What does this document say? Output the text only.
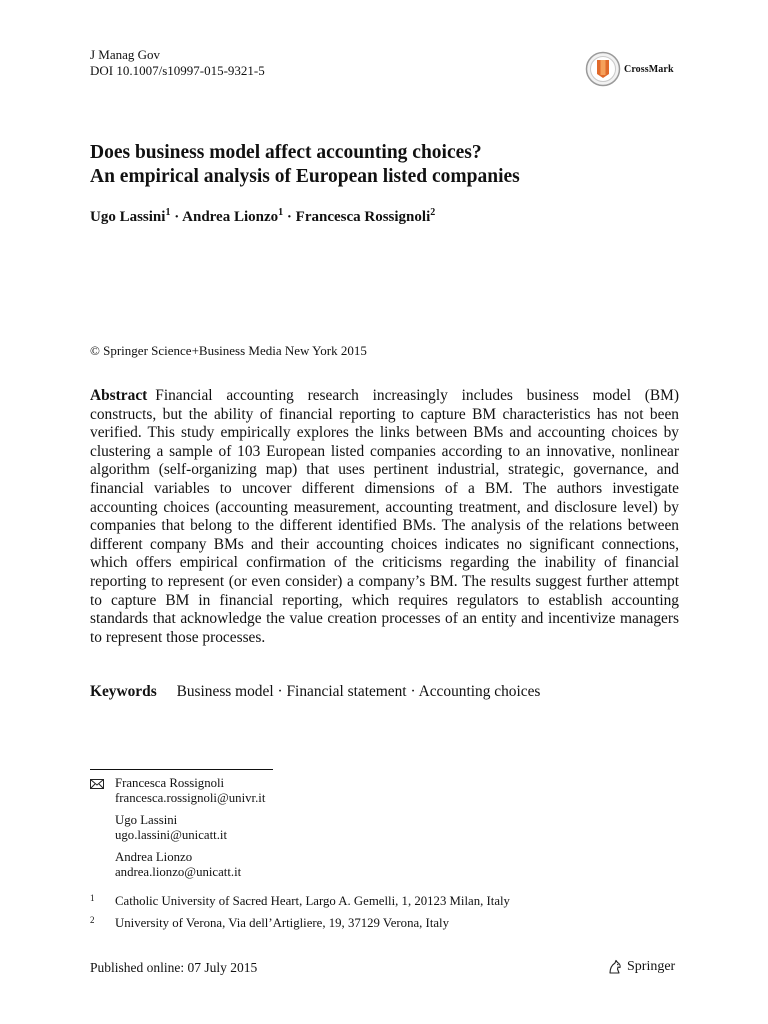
J Manag Gov
DOI 10.1007/s10997-015-9321-5	CrossMark
Does business model affect accounting choices?
An empirical analysis of European listed companies
Ugo Lassini$^1$ · Andrea Lionzo$^1$ · Francesca Rossignoli$^2$
© Springer Science+Business Media New York 2015
Abstract Financial accounting research increasingly includes business model (BM) constructs, but the ability of financial reporting to capture BM characteristics has not been verified. This study empirically explores the links between BMs and accounting choices by clustering a sample of 103 European listed companies according to an innovative, nonlinear algorithm (self-organizing map) that uses pertinent industrial, strategic, governance, and financial variables to uncover different dimensions of a BM. The authors investigate accounting choices (accounting measurement, accounting treatment, and disclosure level) by companies that belong to the different identified BMs. The analysis of the relations between different company BMs and their accounting choices indicates no significant connections, which offers empirical confirmation of the criticisms regarding the inability of financial reporting to represent (or even consider) a company’s BM. The results suggest further attempt to capture BM in financial reporting, which requires regulators to establish accounting standards that acknowledge the value creation processes of an entity and incentivize managers to represent those processes.
Keywords Business model · Financial statement · Accounting choices
Francesca Rossignoli
francesca.rossignoli@univr.it
Ugo Lassini
ugo.lassini@unicatt.it
Andrea Lionzo
andrea.lionzo@unicatt.it
1 Catholic University of Sacred Heart, Largo A. Gemelli, 1, 20123 Milan, Italy
2 University of Verona, Via dell’Artigliere, 19, 37129 Verona, Italy
Published online: 07 July 2015	Springer
